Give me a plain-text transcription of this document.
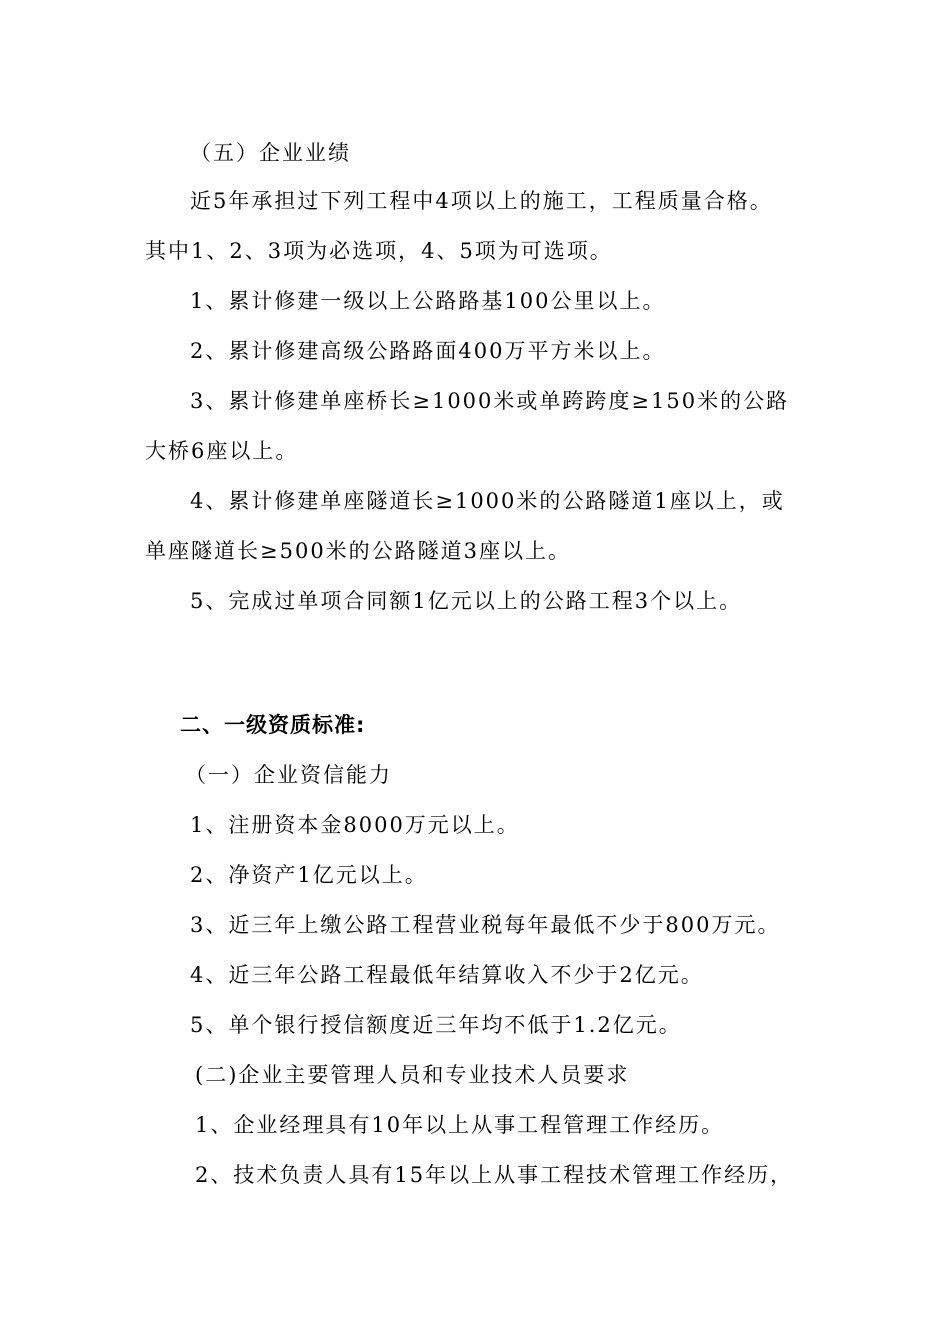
（五）企业业绩
近5年承担过下列工程中4项以上的施工，工程质量合格。
其中1、2、3项为必选项，4、5项为可选项。
1、累计修建一级以上公路路基100公里以上。
2、累计修建高级公路路面400万平方米以上。
3、累计修建单座桥长≥1000米或单跨跨度≥150米的公路
大桥6座以上。
4、累计修建单座隧道长≥1000米的公路隧道1座以上，或
单座隧道长≥500米的公路隧道3座以上。
5、完成过单项合同额1亿元以上的公路工程3个以上。
二、一级资质标准:
（一）企业资信能力
1、注册资本金8000万元以上。
2、净资产1亿元以上。
3、近三年上缴公路工程营业税每年最低不少于800万元。
4、近三年公路工程最低年结算收入不少于2亿元。
5、单个银行授信额度近三年均不低于1.2亿元。
(二)企业主要管理人员和专业技术人员要求
1、企业经理具有10年以上从事工程管理工作经历。
2、技术负责人具有15年以上从事工程技术管理工作经历，
